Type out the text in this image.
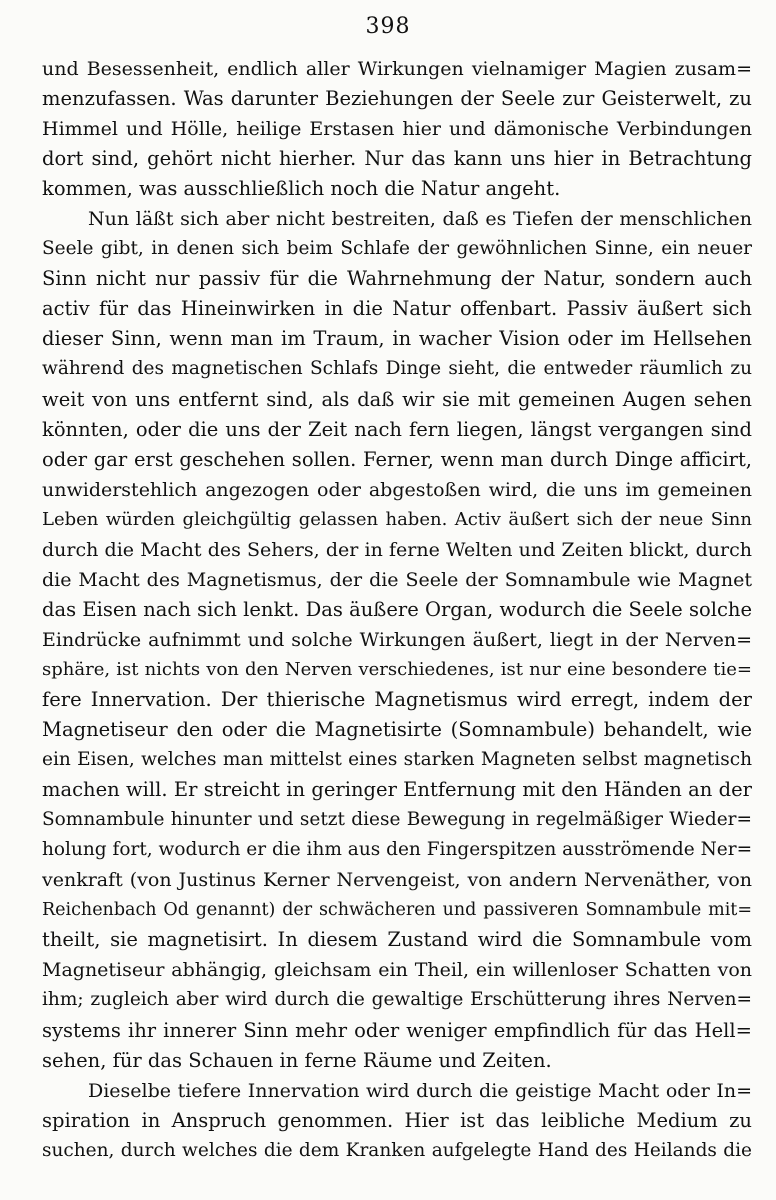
398
und Besessenheit, endlich aller Wirkungen vielnamiger Magien zusam=
menzufassen. Was darunter Beziehungen der Seele zur Geisterwelt, zu
Himmel und Hölle, heilige Erstasen hier und dämonische Verbindungen
dort sind, gehört nicht hierher. Nur das kann uns hier in Betrachtung
kommen, was ausschließlich noch die Natur angeht.
Nun läßt sich aber nicht bestreiten, daß es Tiefen der menschlichen
Seele gibt, in denen sich beim Schlafe der gewöhnlichen Sinne, ein neuer
Sinn nicht nur passiv für die Wahrnehmung der Natur, sondern auch
activ für das Hineinwirken in die Natur offenbart. Passiv äußert sich
dieser Sinn, wenn man im Traum, in wacher Vision oder im Hellsehen
während des magnetischen Schlafs Dinge sieht, die entweder räumlich zu
weit von uns entfernt sind, als daß wir sie mit gemeinen Augen sehen
könnten, oder die uns der Zeit nach fern liegen, längst vergangen sind
oder gar erst geschehen sollen. Ferner, wenn man durch Dinge afficirt,
unwiderstehlich angezogen oder abgestoßen wird, die uns im gemeinen
Leben würden gleichgültig gelassen haben. Activ äußert sich der neue Sinn
durch die Macht des Sehers, der in ferne Welten und Zeiten blickt, durch
die Macht des Magnetismus, der die Seele der Somnambule wie Magnet
das Eisen nach sich lenkt. Das äußere Organ, wodurch die Seele solche
Eindrücke aufnimmt und solche Wirkungen äußert, liegt in der Nerven=
sphäre, ist nichts von den Nerven verschiedenes, ist nur eine besondere tie=
fere Innervation. Der thierische Magnetismus wird erregt, indem der
Magnetiseur den oder die Magnetisirte (Somnambule) behandelt, wie
ein Eisen, welches man mittelst eines starken Magneten selbst magnetisch
machen will. Er streicht in geringer Entfernung mit den Händen an der
Somnambule hinunter und setzt diese Bewegung in regelmäßiger Wieder=
holung fort, wodurch er die ihm aus den Fingerspitzen ausströmende Ner=
venkraft (von Justinus Kerner Nervengeist, von andern Nervenäther, von
Reichenbach Od genannt) der schwächeren und passiveren Somnambule mit=
theilt, sie magnetisirt. In diesem Zustand wird die Somnambule vom
Magnetiseur abhängig, gleichsam ein Theil, ein willenloser Schatten von
ihm; zugleich aber wird durch die gewaltige Erschütterung ihres Nerven=
systems ihr innerer Sinn mehr oder weniger empfindlich für das Hell=
sehen, für das Schauen in ferne Räume und Zeiten.
Dieselbe tiefere Innervation wird durch die geistige Macht oder In=
spiration in Anspruch genommen. Hier ist das leibliche Medium zu
suchen, durch welches die dem Kranken aufgelegte Hand des Heilands die
